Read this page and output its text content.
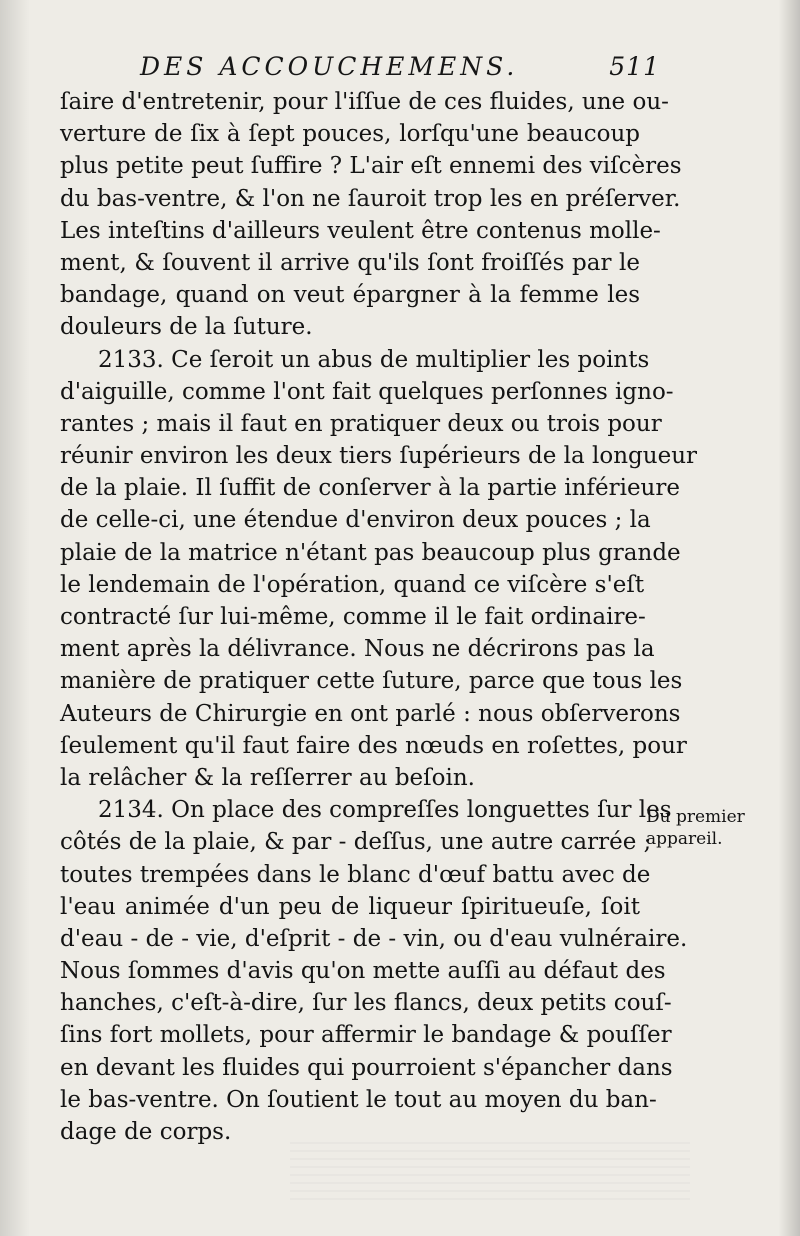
DES ACCOUCHEMENS.	511
ſaire d'entretenir, pour l'iſſue de ces fluides, une ou-
verture de ſix à ſept pouces, lorſqu'une beaucoup
plus petite peut ſuffire ? L'air eſt ennemi des viſcères
du bas-ventre, & l'on ne ſauroit trop les en préſerver.
Les inteſtins d'ailleurs veulent être contenus molle-
ment, & ſouvent il arrive qu'ils ſont froiſſés par le
bandage, quand on veut épargner à la femme les
douleurs de la ſuture.
2133. Ce ſeroit un abus de multiplier les points
d'aiguille, comme l'ont fait quelques perſonnes igno-
rantes ; mais il faut en pratiquer deux ou trois pour
réunir environ les deux tiers ſupérieurs de la longueur
de la plaie. Il ſuffit de conſerver à la partie inférieure
de celle-ci, une étendue d'environ deux pouces ; la
plaie de la matrice n'étant pas beaucoup plus grande
le lendemain de l'opération, quand ce viſcère s'eſt
contracté ſur lui-même, comme il le fait ordinaire-
ment après la délivrance. Nous ne décrirons pas la
manière de pratiquer cette ſuture, parce que tous les
Auteurs de Chirurgie en ont parlé : nous obſerverons
ſeulement qu'il faut faire des nœuds en roſettes, pour
la relâcher & la reſſerrer au beſoin.
2134. On place des compreſſes longuettes ſur les
côtés de la plaie, & par - deſſus, une autre carrée ;
toutes trempées dans le blanc d'œuf battu avec de
l'eau animée d'un peu de liqueur ſpiritueuſe, ſoit
d'eau - de - vie, d'eſprit - de - vin, ou d'eau vulnéraire.
Nous ſommes d'avis qu'on mette auſſi au défaut des
hanches, c'eſt-à-dire, ſur les flancs, deux petits couſ-
ſins fort mollets, pour affermir le bandage & pouſſer
en devant les fluides qui pourroient s'épancher dans
le bas-ventre. On ſoutient le tout au moyen du ban-
dage de corps.
Du premier
appareil.
